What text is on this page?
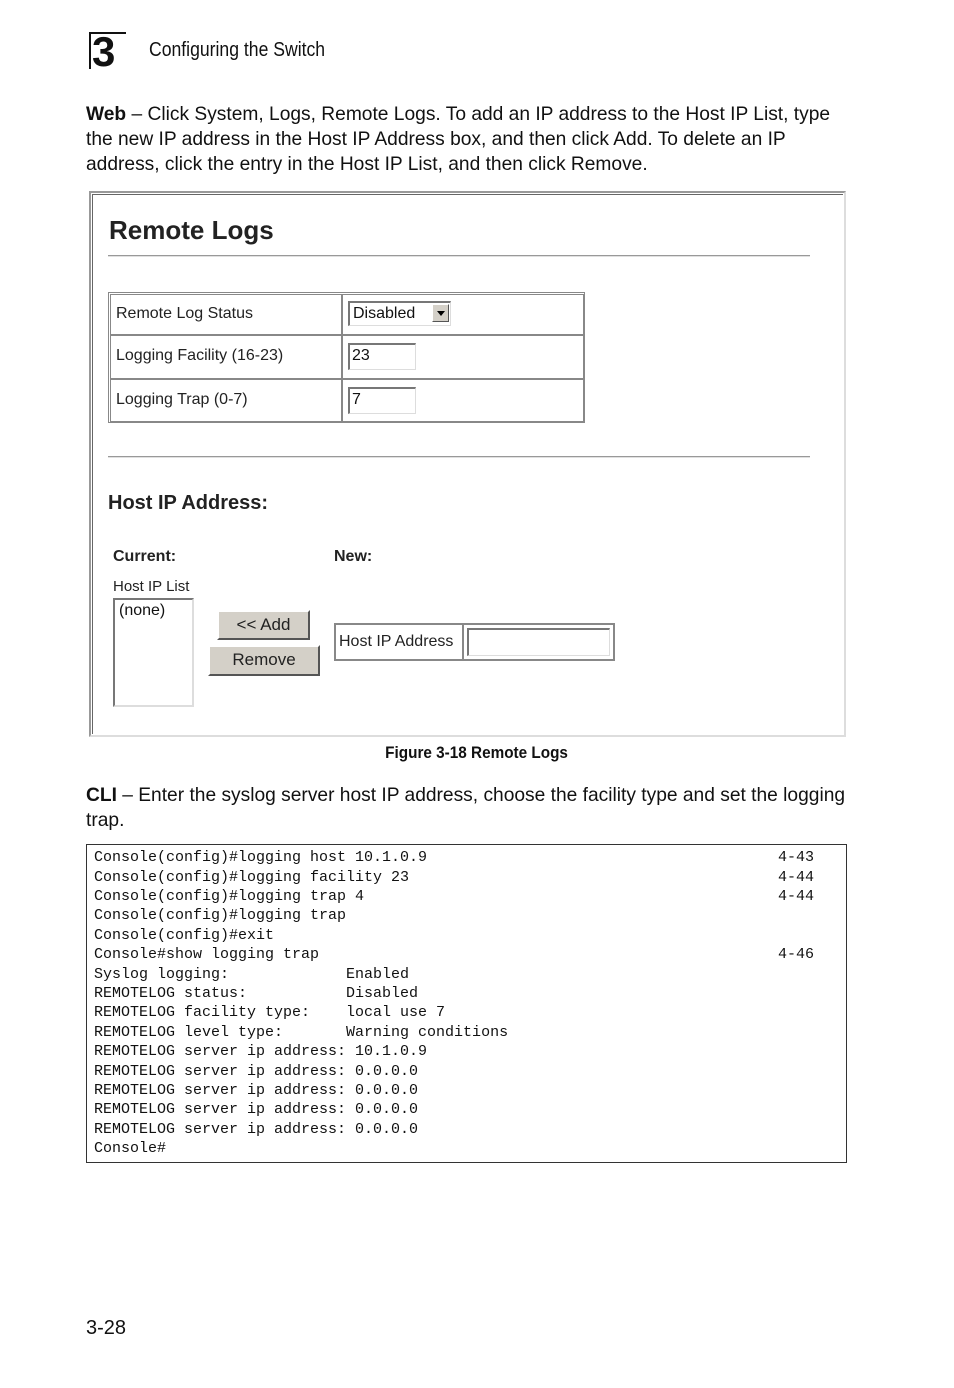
3 Configuring the Switch
Web – Click System, Logs, Remote Logs. To add an IP address to the Host IP List, type the new IP address in the Host IP Address box, and then click Add. To delete an IP address, click the entry in the Host IP List, and then click Remove.
Remote Logs
Remote Log Status	Disabled
Logging Facility (16-23)	23
Logging Trap (0-7)	7
Host IP Address:
Current:	New:
Host IP List
(none)
<< Add
Remove
Host IP Address
Figure 3-18 Remote Logs
CLI – Enter the syslog server host IP address, choose the facility type and set the logging trap.
Console(config)#logging host 10.1.0.9	4-43
Console(config)#logging facility 23	4-44
Console(config)#logging trap 4	4-44
Console(config)#logging trap
Console(config)#exit
Console#show logging trap	4-46
Syslog logging:             Enabled
REMOTELOG status:           Disabled
REMOTELOG facility type:    local use 7
REMOTELOG level type:       Warning conditions
REMOTELOG server ip address: 10.1.0.9
REMOTELOG server ip address: 0.0.0.0
REMOTELOG server ip address: 0.0.0.0
REMOTELOG server ip address: 0.0.0.0
REMOTELOG server ip address: 0.0.0.0
Console#
3-28
